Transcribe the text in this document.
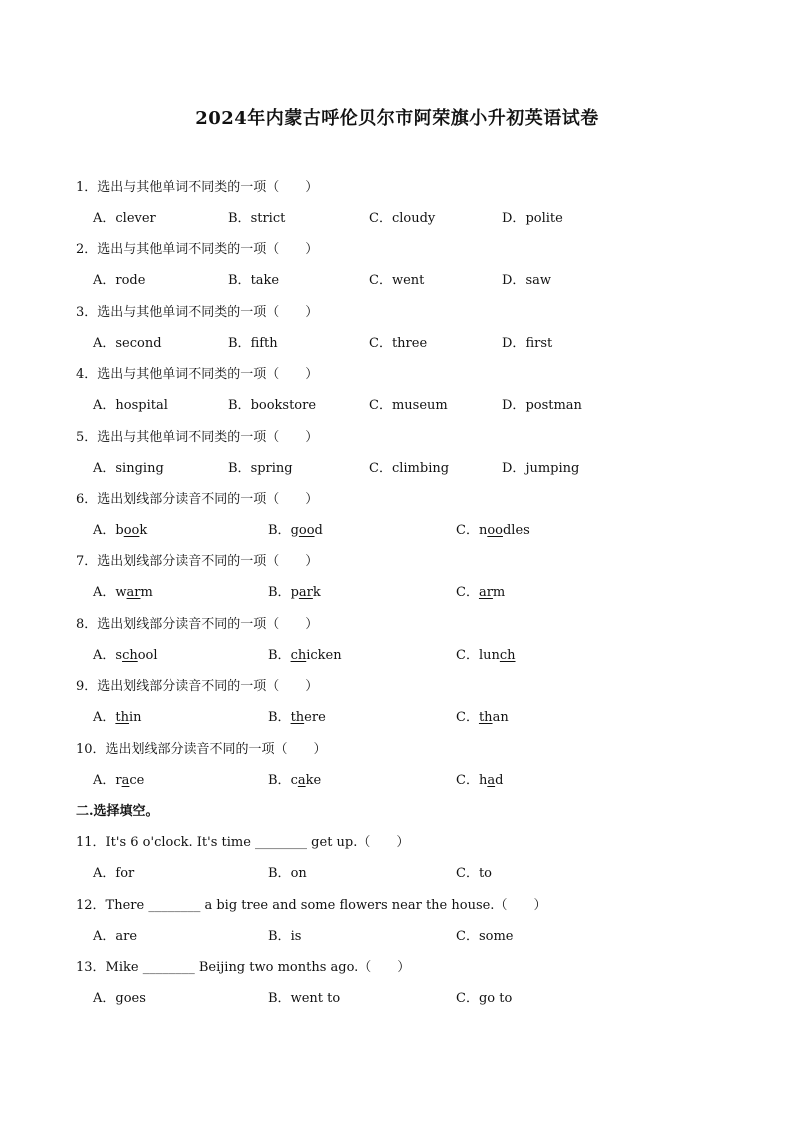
2024年内蒙古呼伦贝尔市阿荣旗小升初英语试卷
1．选出与其他单词不同类的一项（　　）
A．clever	B．strict	C．cloudy	D．polite
2．选出与其他单词不同类的一项（　　）
A．rode	B．take	C．went	D．saw
3．选出与其他单词不同类的一项（　　）
A．second	B．fifth	C．three	D．first
4．选出与其他单词不同类的一项（　　）
A．hospital	B．bookstore	C．museum	D．postman
5．选出与其他单词不同类的一项（　　）
A．singing	B．spring	C．climbing	D．jumping
6．选出划线部分读音不同的一项（　　）
A．book	B．good	C．noodles
7．选出划线部分读音不同的一项（　　）
A．warm	B．park	C．arm
8．选出划线部分读音不同的一项（　　）
A．school	B．chicken	C．lunch
9．选出划线部分读音不同的一项（　　）
A．thin	B．there	C．than
10．选出划线部分读音不同的一项（　　）
A．race	B．cake	C．had
11．It's 6 o'clock. It's time ________ get up.（　　）
A．for	B．on	C．to
12．There ________ a big tree and some flowers near the house.（　　）
A．are	B．is	C．some
13．Mike ________ Beijing two months ago.（　　）
A．goes	B．went to	C．go to
二.选择填空。
